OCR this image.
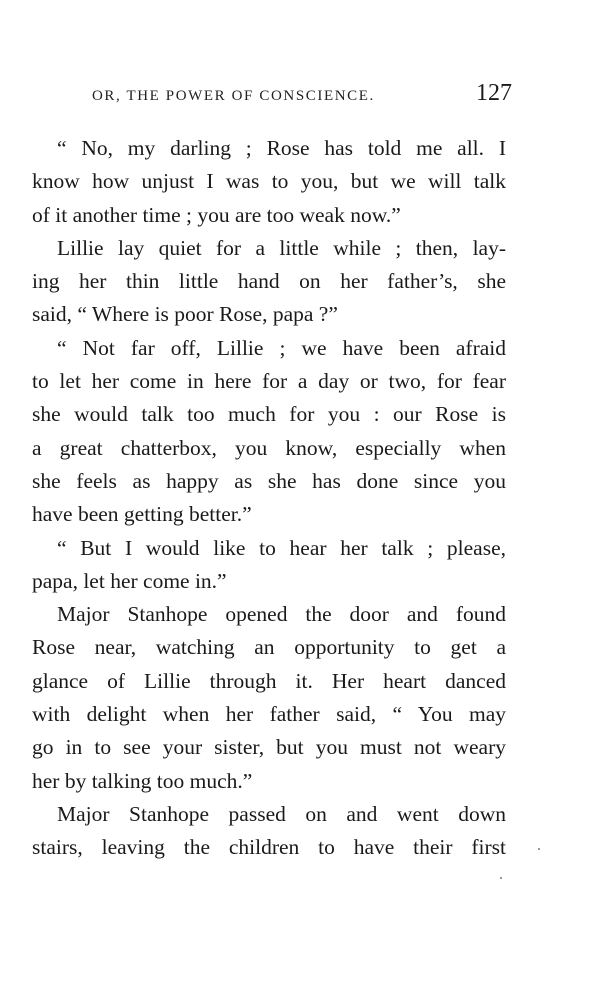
OR, THE POWER OF CONSCIENCE.	127
“ No, my darling ; Rose has told me all. I
know how unjust I was to you, but we will talk
of it another time ; you are too weak now.”
Lillie lay quiet for a little while ; then, lay-
ing her thin little hand on her father’s, she
said, “ Where is poor Rose, papa ?”
“ Not far off, Lillie ; we have been afraid
to let her come in here for a day or two, for fear
she would talk too much for you : our Rose is
a great chatterbox, you know, especially when
she feels as happy as she has done since you
have been getting better.”
“ But I would like to hear her talk ; please,
papa, let her come in.”
Major Stanhope opened the door and found
Rose near, watching an opportunity to get a
glance of Lillie through it. Her heart danced
with delight when her father said, “ You may
go in to see your sister, but you must not weary
her by talking too much.”
Major Stanhope passed on and went down
stairs, leaving the children to have their first
